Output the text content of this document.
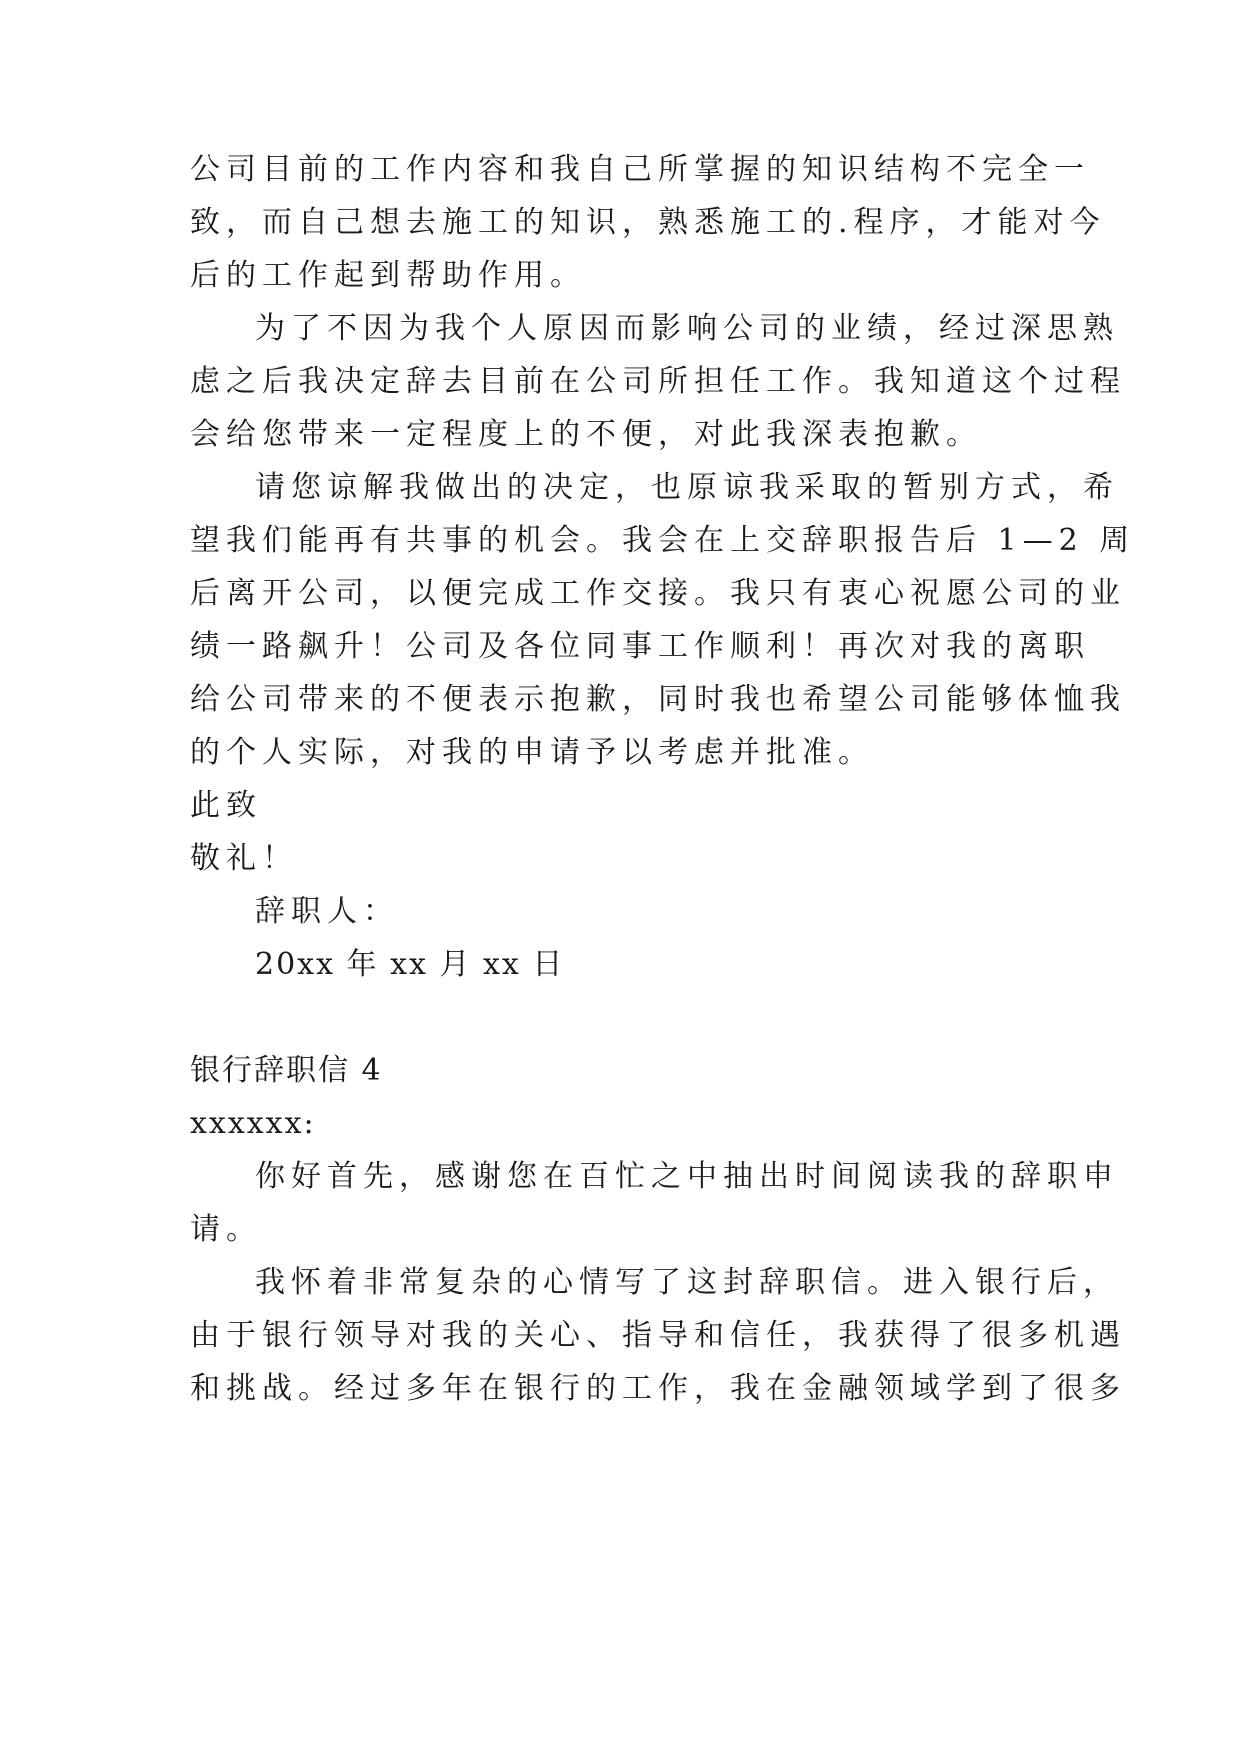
公司目前的工作内容和我自己所掌握的知识结构不完全一
致，而自己想去施工的知识，熟悉施工的.程序，才能对今
后的工作起到帮助作用。
为了不因为我个人原因而影响公司的业绩，经过深思熟
虑之后我决定辞去目前在公司所担任工作。我知道这个过程
会给您带来一定程度上的不便，对此我深表抱歉。
请您谅解我做出的决定，也原谅我采取的暂别方式，希
望我们能再有共事的机会。我会在上交辞职报告后 1—2 周
后离开公司，以便完成工作交接。我只有衷心祝愿公司的业
绩一路飙升！公司及各位同事工作顺利！再次对我的离职
给公司带来的不便表示抱歉，同时我也希望公司能够体恤我
的个人实际，对我的申请予以考虑并批准。
此致
敬礼！
辞职人：
20xx 年 xx 月 xx 日
银行辞职信 4
xxxxxx:
你好首先，感谢您在百忙之中抽出时间阅读我的辞职申
请。
我怀着非常复杂的心情写了这封辞职信。进入银行后，
由于银行领导对我的关心、指导和信任，我获得了很多机遇
和挑战。经过多年在银行的工作，我在金融领域学到了很多
